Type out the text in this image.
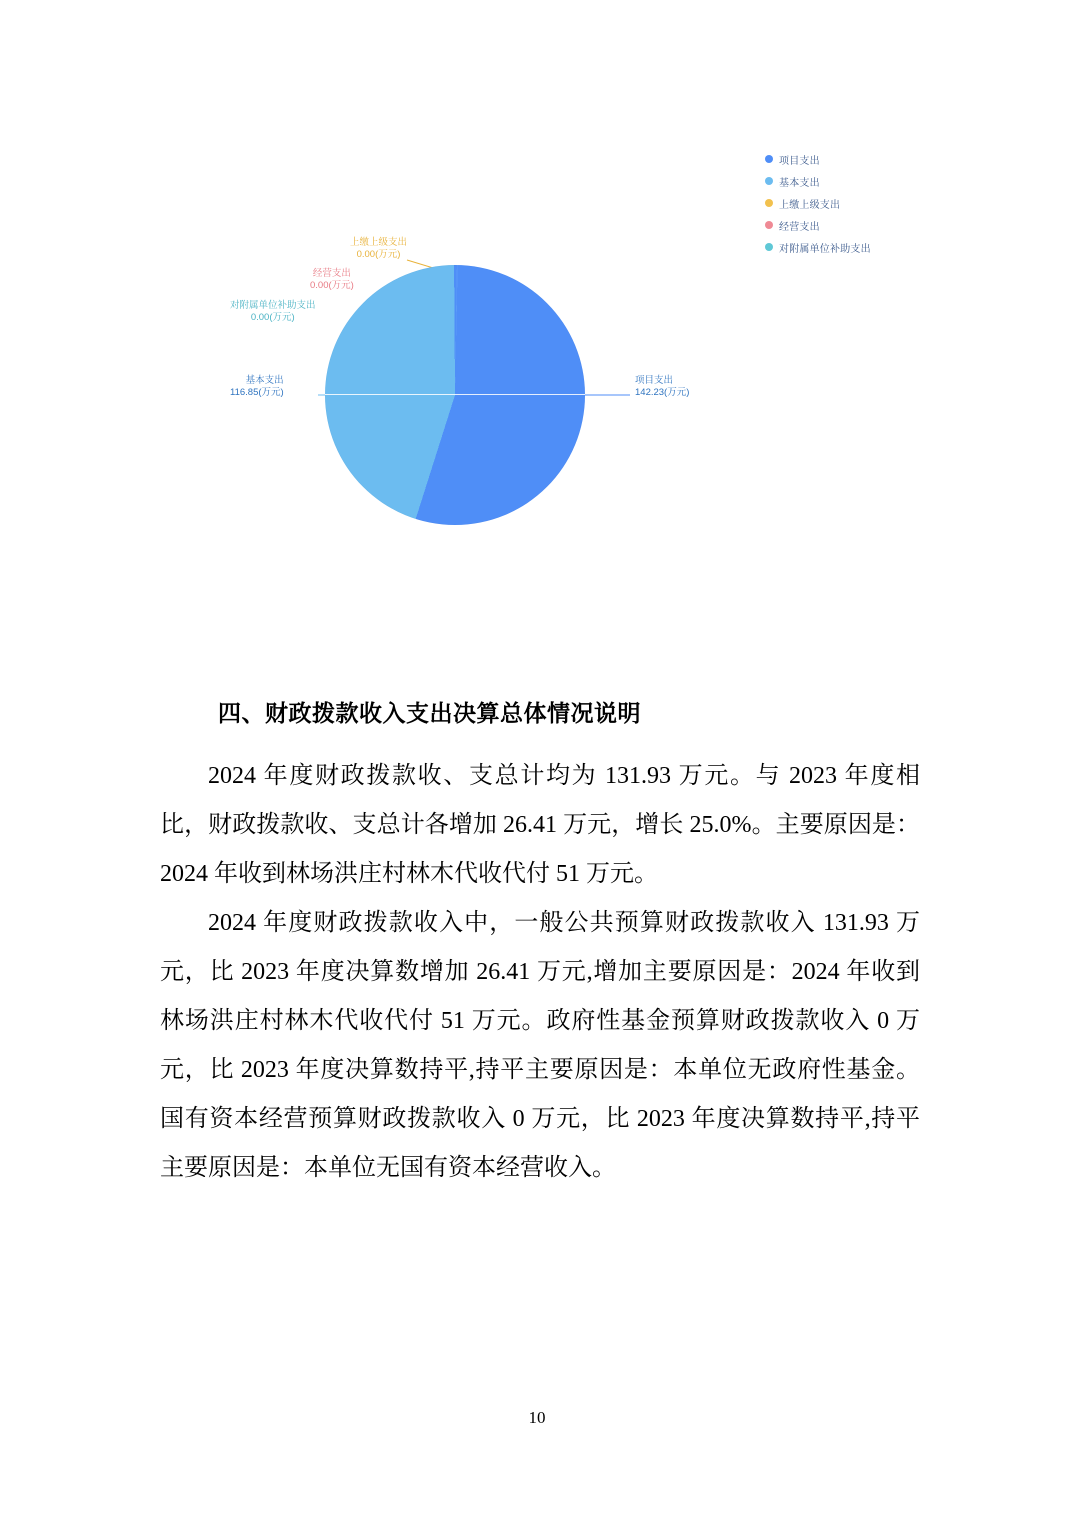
项目支出
基本支出
上缴上级支出
经营支出
对附属单位补助支出
上缴上级支出
0.00(万元)
经营支出
0.00(万元)
对附属单位补助支出
0.00(万元)
基本支出
116.85(万元)
项目支出
142.23(万元)
四、财政拨款收入支出决算总体情况说明

2024 年度财政拨款收、支总计均为 131.93 万元。与 2023 年度相比，财政拨款收、支总计各增加 26.41 万元，增长 25.0%。主要原因是：2024 年收到林场洪庄村林木代收代付 51 万元。

2024 年度财政拨款收入中，一般公共预算财政拨款收入 131.93 万元，比 2023 年度决算数增加 26.41 万元,增加主要原因是：2024 年收到林场洪庄村林木代收代付 51 万元。政府性基金预算财政拨款收入 0 万元，比 2023 年度决算数持平,持平主要原因是：本单位无政府性基金。国有资本经营预算财政拨款收入 0 万元，比 2023 年度决算数持平,持平主要原因是：本单位无国有资本经营收入。

10
